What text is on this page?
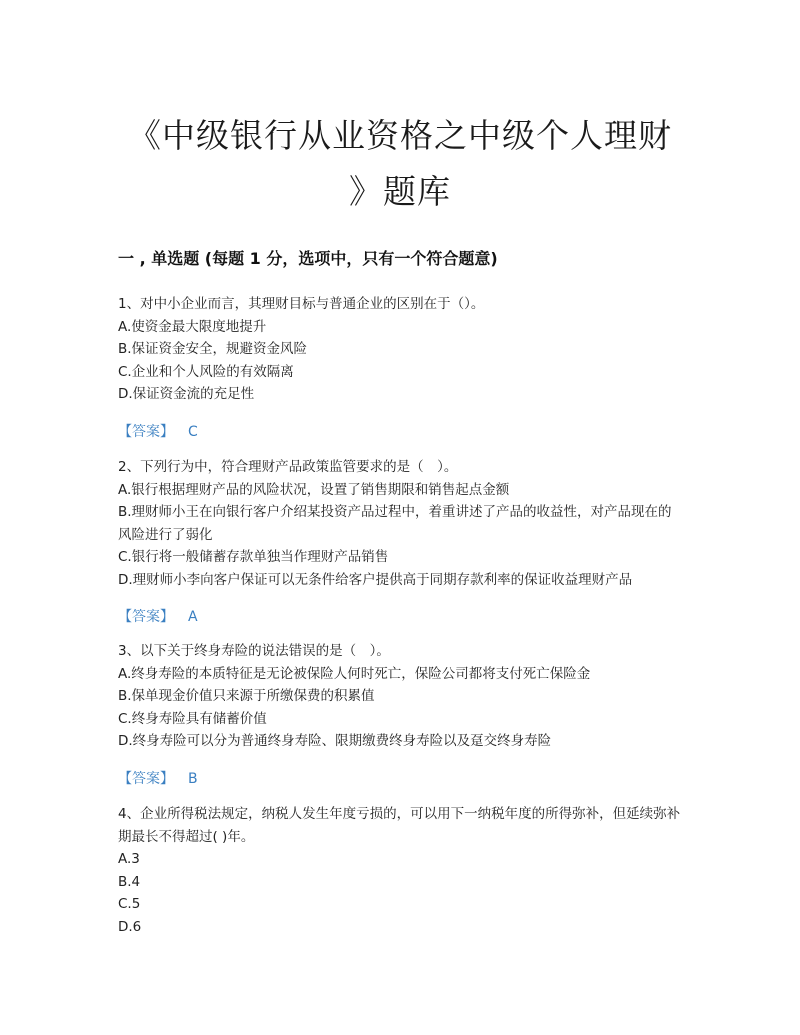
《中级银行从业资格之中级个人理财
》题库
一 , 单选题 (每题 1 分，选项中，只有一个符合题意)

1、对中小企业而言，其理财目标与普通企业的区别在于（）。

A.使资金最大限度地提升

B.保证资金安全，规避资金风险

C.企业和个人风险的有效隔离

D.保证资金流的充足性

【答案】 C

2、下列行为中，符合理财产品政策监管要求的是（　）。

A.银行根据理财产品的风险状况，设置了销售期限和销售起点金额

B.理财师小王在向银行客户介绍某投资产品过程中，着重讲述了产品的收益性，对产品现在的风险进行了弱化

C.银行将一般储蓄存款单独当作理财产品销售

D.理财师小李向客户保证可以无条件给客户提供高于同期存款利率的保证收益理财产品

【答案】 A

3、以下关于终身寿险的说法错误的是（　）。

A.终身寿险的本质特征是无论被保险人何时死亡，保险公司都将支付死亡保险金

B.保单现金价值只来源于所缴保费的积累值

C.终身寿险具有储蓄价值

D.终身寿险可以分为普通终身寿险、限期缴费终身寿险以及趸交终身寿险

【答案】 B

4、企业所得税法规定，纳税人发生年度亏损的，可以用下一纳税年度的所得弥补，但延续弥补期最长不得超过( )年。

A.3

B.4

C.5

D.6
